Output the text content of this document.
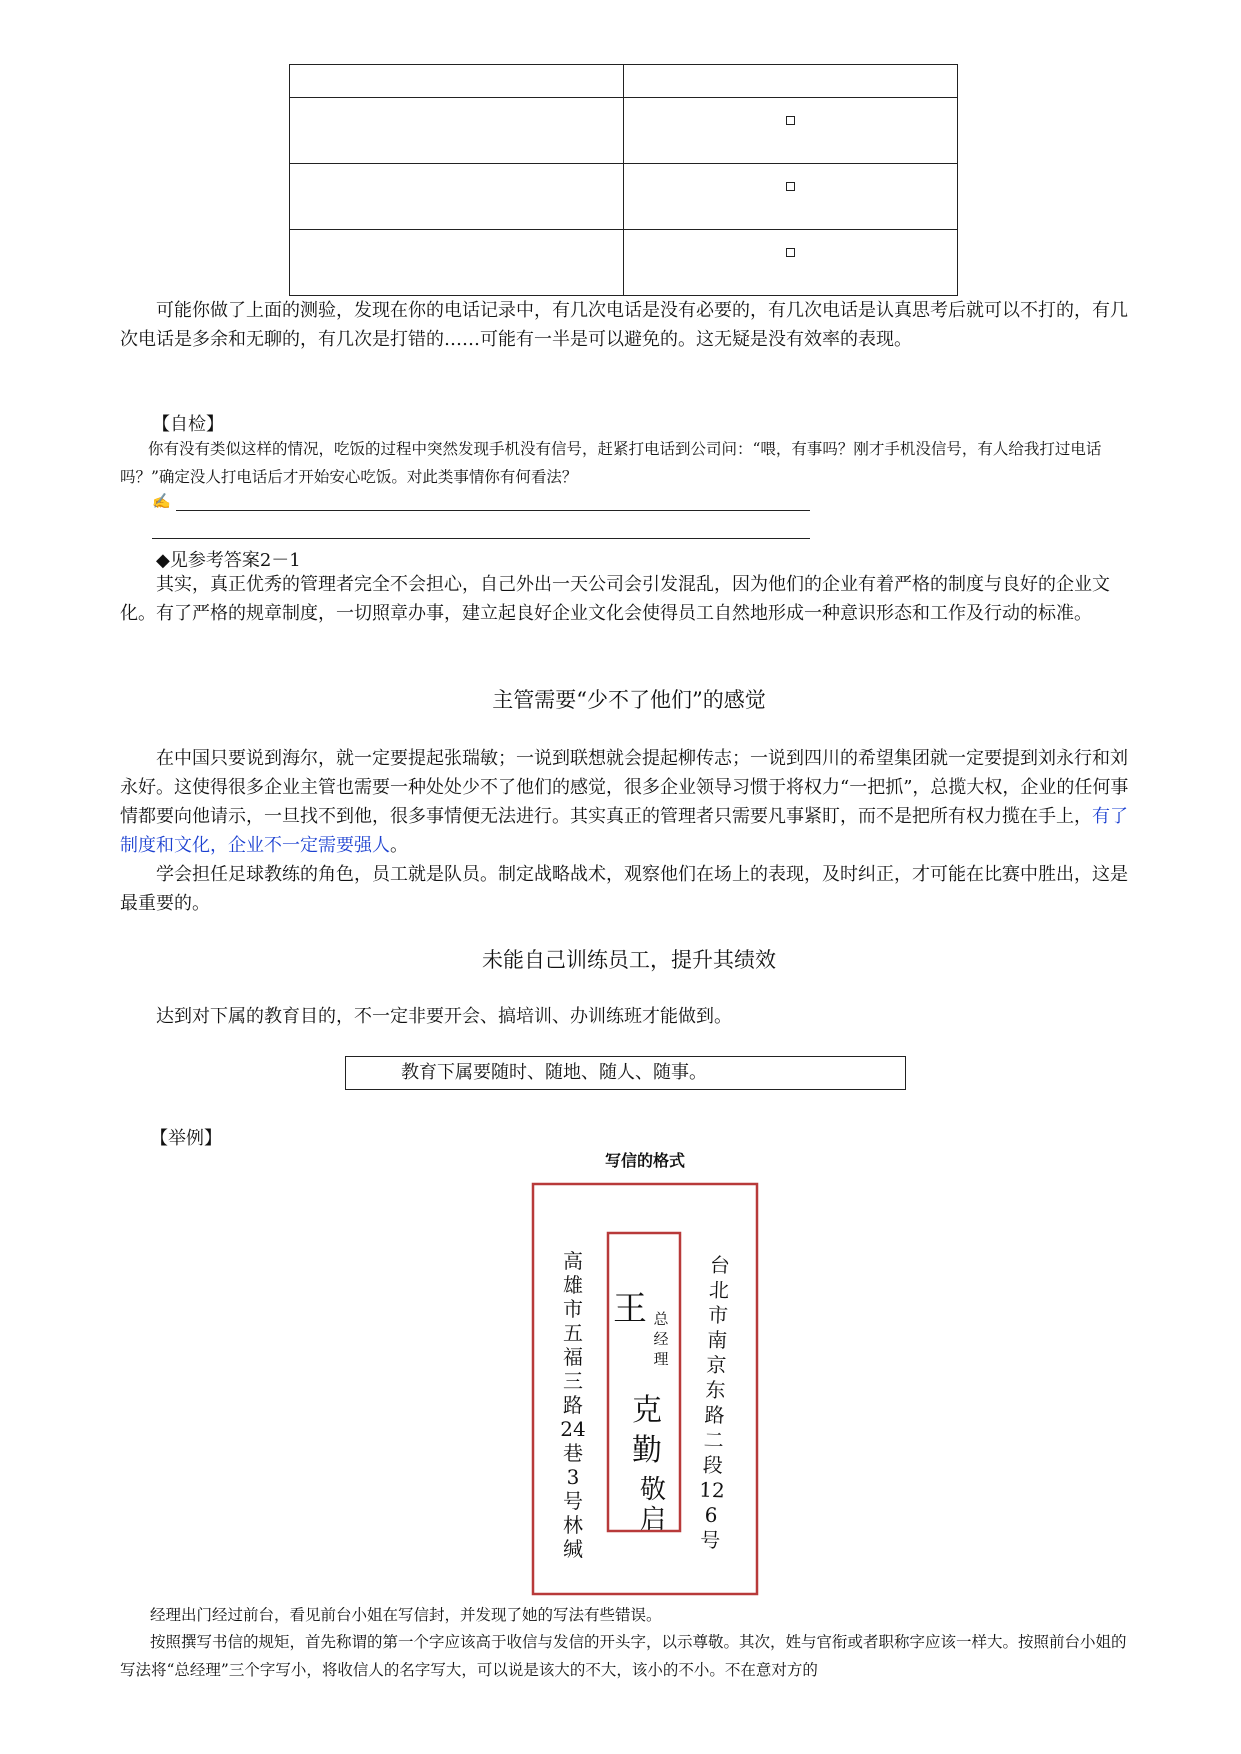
可能你做了上面的测验，发现在你的电话记录中，有几次电话是没有必要的，有几次电话是认真思考后就可以不打的，有几次电话是多余和无聊的，有几次是打错的……可能有一半是可以避免的。这无疑是没有效率的表现。

【自检】

你有没有类似这样的情况，吃饭的过程中突然发现手机没有信号，赶紧打电话到公司问：“喂，有事吗？刚才手机没信号，有人给我打过电话吗？”确定没人打电话后才开始安心吃饭。对此类事情你有何看法？

✍
◆见参考答案2－1

其实，真正优秀的管理者完全不会担心，自己外出一天公司会引发混乱，因为他们的企业有着严格的制度与良好的企业文化。有了严格的规章制度，一切照章办事，建立起良好企业文化会使得员工自然地形成一种意识形态和工作及行动的标准。

主管需要“少不了他们”的感觉

在中国只要说到海尔，就一定要提起张瑞敏；一说到联想就会提起柳传志；一说到四川的希望集团就一定要提到刘永行和刘永好。这使得很多企业主管也需要一种处处少不了他们的感觉，很多企业领导习惯于将权力“一把抓”，总揽大权，企业的任何事情都要向他请示，一旦找不到他，很多事情便无法进行。其实真正的管理者只需要凡事紧盯，而不是把所有权力揽在手上，有了制度和文化，企业不一定需要强人。

学会担任足球教练的角色，员工就是队员。制定战略战术，观察他们在场上的表现，及时纠正，才可能在比赛中胜出，这是最重要的。

未能自己训练员工，提升其绩效

达到对下属的教育目的，不一定非要开会、搞培训、办训练班才能做到。

教育下属要随时、随地、随人、随事。
【举例】
写信的格式
台北市南京东路二段126号
王 总经理
克勤
敬启
高雄市五福三路24巷3号林缄

经理出门经过前台，看见前台小姐在写信封，并发现了她的写法有些错误。

按照撰写书信的规矩，首先称谓的第一个字应该高于收信与发信的开头字，以示尊敬。其次，姓与官衔或者职称字应该一样大。按照前台小姐的写法将“总经理”三个字写小，将收信人的名字写大，可以说是该大的不大，该小的不小。不在意对方的
